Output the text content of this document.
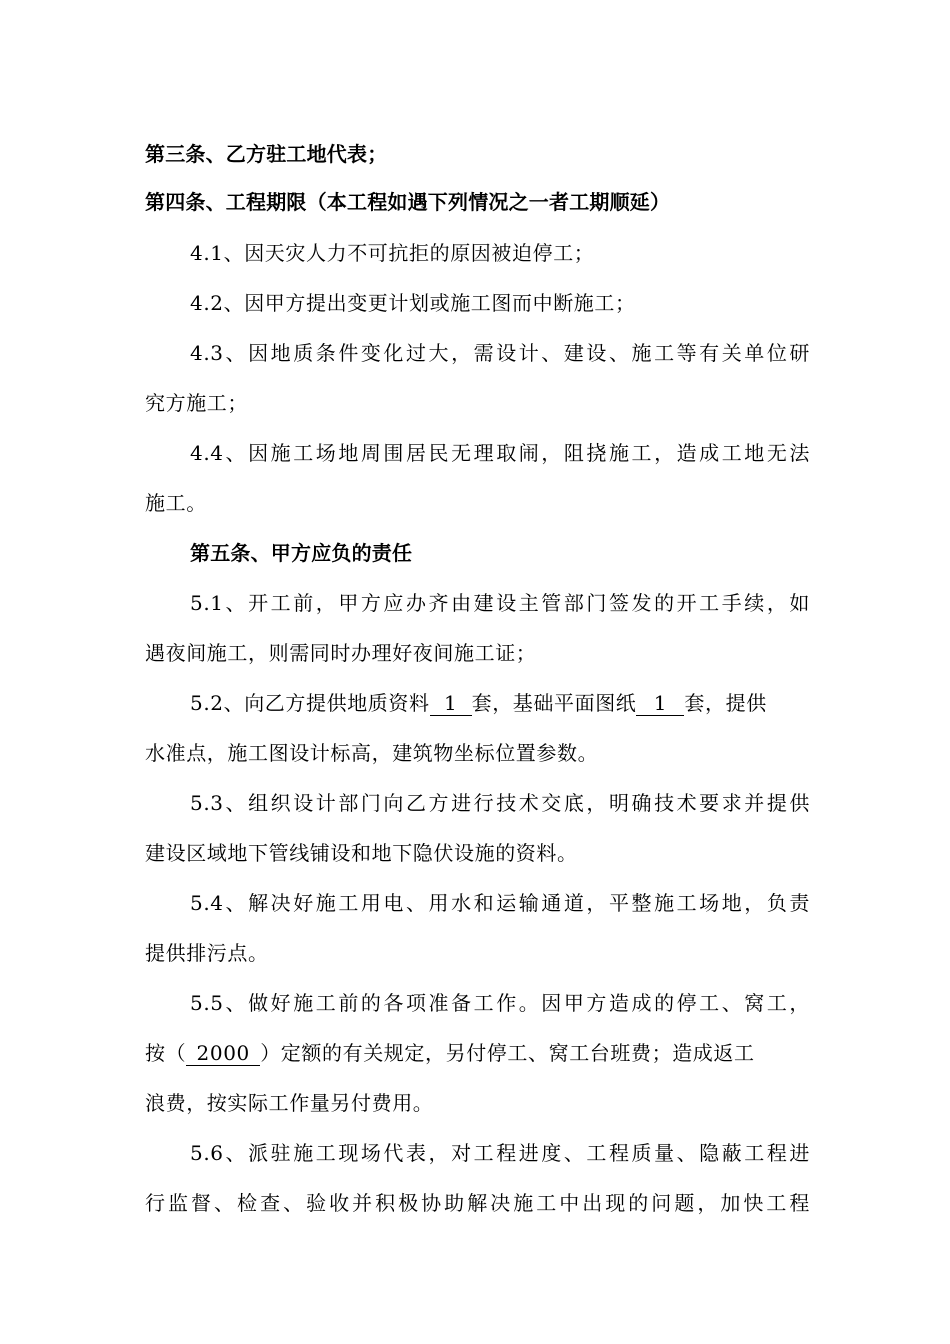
第三条、乙方驻工地代表；
第四条、工程期限（本工程如遇下列情况之一者工期顺延）
4.1、因天灾人力不可抗拒的原因被迫停工；
4.2、因甲方提出变更计划或施工图而中断施工；
4.3、因地质条件变化过大，需设计、建设、施工等有关单位研
究方施工；
4.4、因施工场地周围居民无理取闹，阻挠施工，造成工地无法
施工。
第五条、甲方应负的责任
5.1、开工前，甲方应办齐由建设主管部门签发的开工手续，如
遇夜间施工，则需同时办理好夜间施工证；
5.2、向乙方提供地质资料 1 套，基础平面图纸 1 套，提供
水准点，施工图设计标高，建筑物坐标位置参数。
5.3、组织设计部门向乙方进行技术交底，明确技术要求并提供
建设区域地下管线铺设和地下隐伏设施的资料。
5.4、解决好施工用电、用水和运输通道，平整施工场地，负责
提供排污点。
5.5、做好施工前的各项准备工作。因甲方造成的停工、窝工，
按（ 2000 ）定额的有关规定，另付停工、窝工台班费；造成返工
浪费，按实际工作量另付费用。
5.6、派驻施工现场代表，对工程进度、工程质量、隐蔽工程进
行监督、检查、验收并积极协助解决施工中出现的问题，加快工程
